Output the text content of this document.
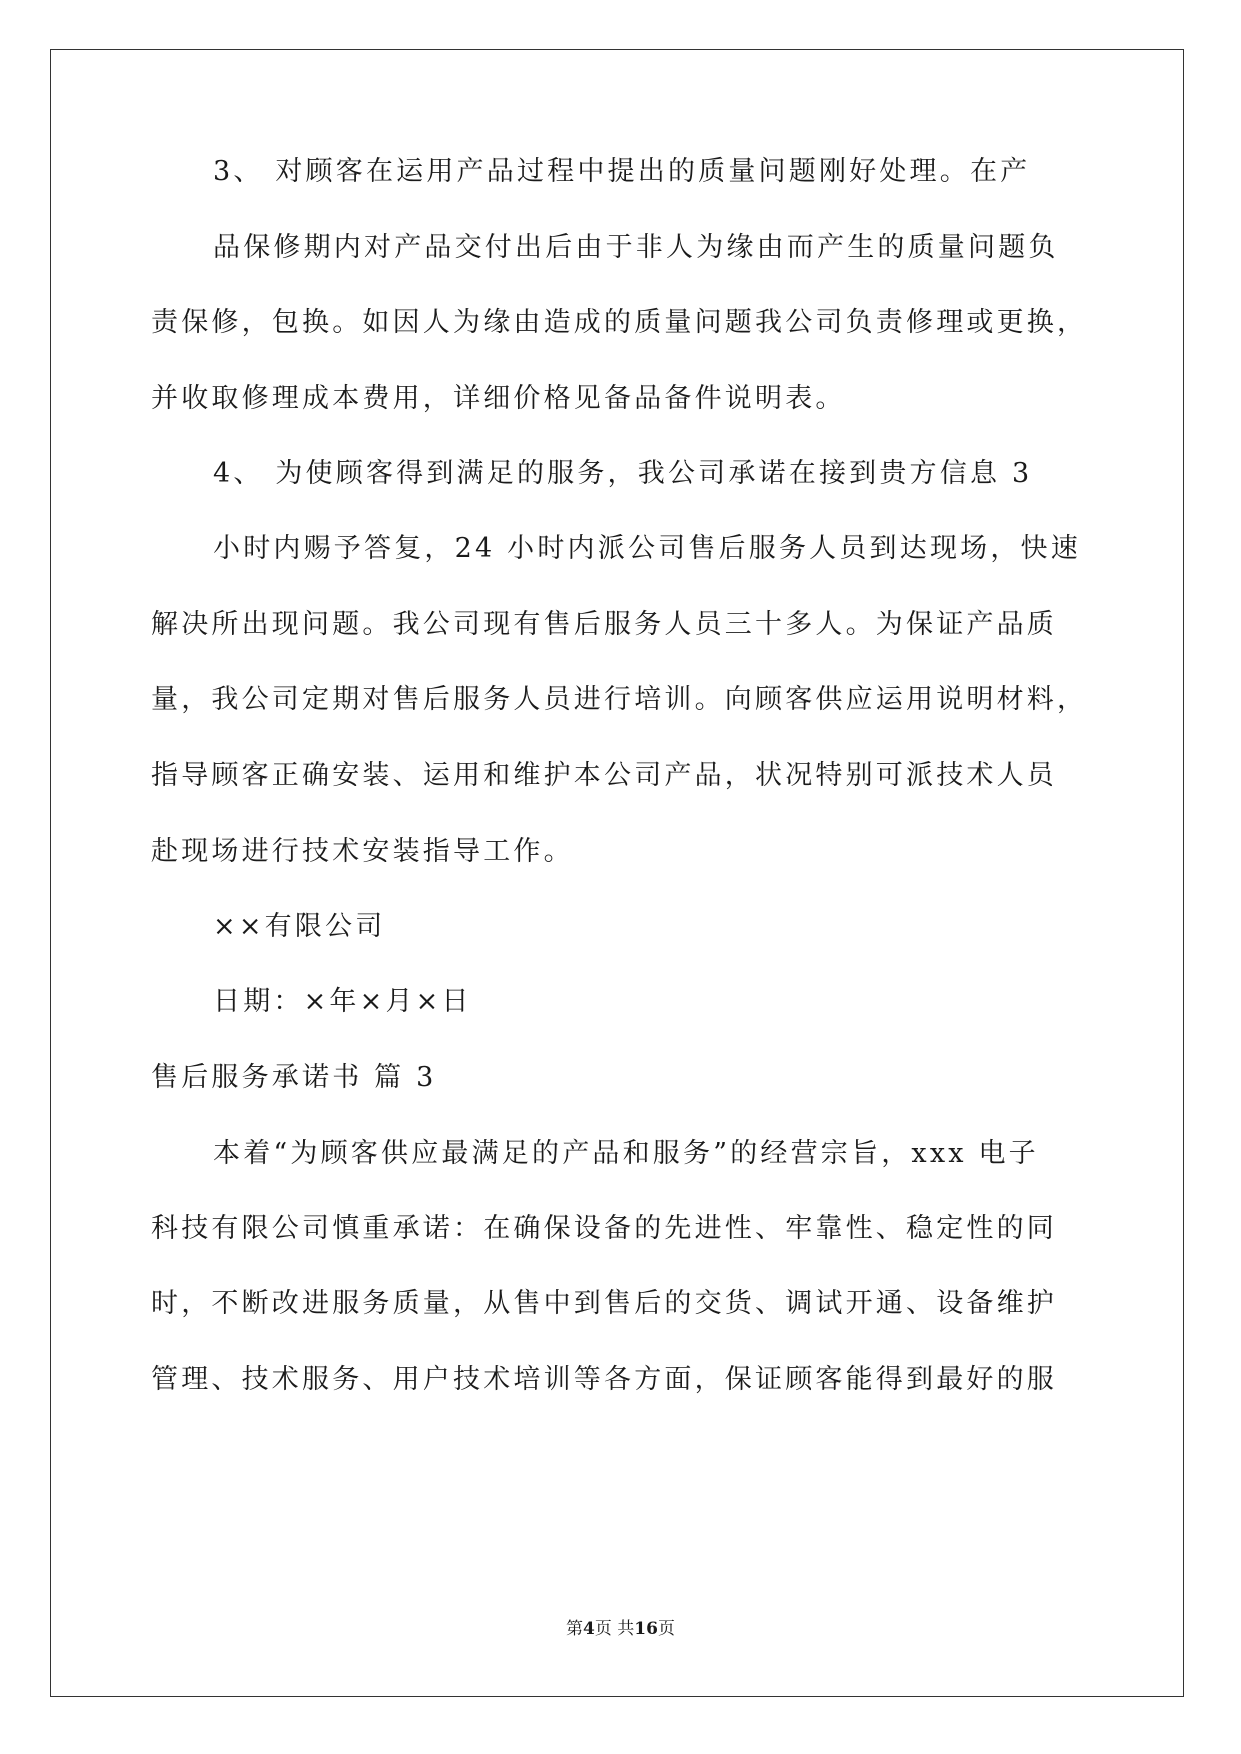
3、 对顾客在运用产品过程中提出的质量问题刚好处理。在产
品保修期内对产品交付出后由于非人为缘由而产生的质量问题负
责保修，包换。如因人为缘由造成的质量问题我公司负责修理或更换，
并收取修理成本费用，详细价格见备品备件说明表。
4、 为使顾客得到满足的服务，我公司承诺在接到贵方信息 3
小时内赐予答复，24 小时内派公司售后服务人员到达现场，快速
解决所出现问题。我公司现有售后服务人员三十多人。为保证产品质
量，我公司定期对售后服务人员进行培训。向顾客供应运用说明材料，
指导顾客正确安装、运用和维护本公司产品，状况特别可派技术人员
赴现场进行技术安装指导工作。
××有限公司
日期：×年×月×日
售后服务承诺书 篇 3
本着“为顾客供应最满足的产品和服务”的经营宗旨，xxx 电子
科技有限公司慎重承诺：在确保设备的先进性、牢靠性、稳定性的同
时，不断改进服务质量，从售中到售后的交货、调试开通、设备维护
管理、技术服务、用户技术培训等各方面，保证顾客能得到最好的服
第4页 共16页
